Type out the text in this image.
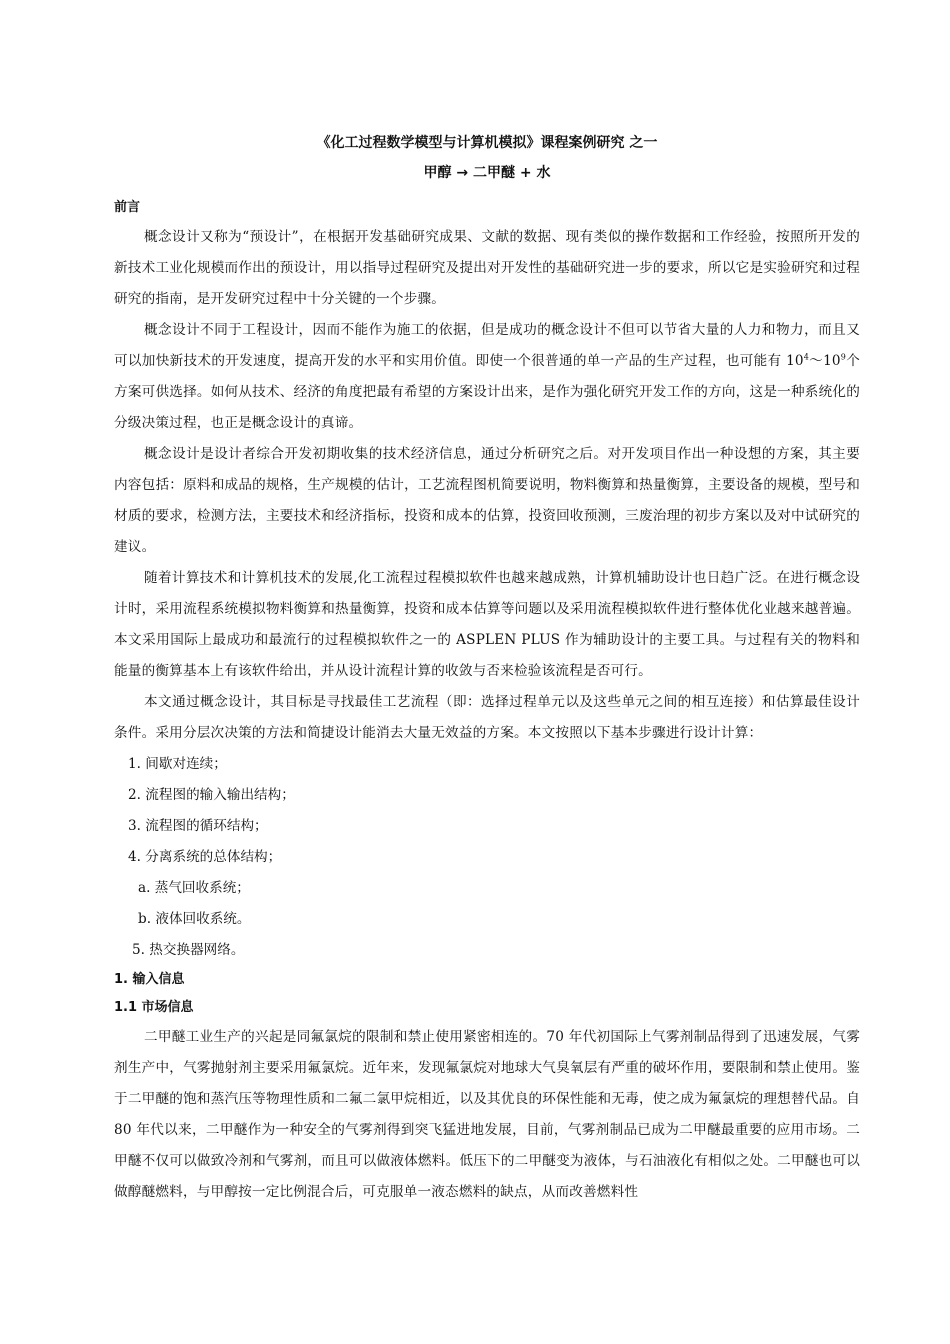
《化工过程数学模型与计算机模拟》课程案例研究 之一

甲醇 → 二甲醚 + 水

前言

概念设计又称为“预设计”，在根据开发基础研究成果、文献的数据、现有类似的操作数据和工作经验，按照所开发的新技术工业化规模而作出的预设计，用以指导过程研究及提出对开发性的基础研究进一步的要求，所以它是实验研究和过程研究的指南，是开发研究过程中十分关键的一个步骤。

概念设计不同于工程设计，因而不能作为施工的依据，但是成功的概念设计不但可以节省大量的人力和物力，而且又可以加快新技术的开发速度，提高开发的水平和实用价值。即使一个很普通的单一产品的生产过程，也可能有 $10^4\sim 10^9$个方案可供选择。如何从技术、经济的角度把最有希望的方案设计出来，是作为强化研究开发工作的方向，这是一种系统化的分级决策过程，也正是概念设计的真谛。

概念设计是设计者综合开发初期收集的技术经济信息，通过分析研究之后。对开发项目作出一种设想的方案，其主要内容包括：原料和成品的规格，生产规模的估计，工艺流程图机简要说明，物料衡算和热量衡算，主要设备的规模，型号和材质的要求，检测方法，主要技术和经济指标，投资和成本的估算，投资回收预测，三废治理的初步方案以及对中试研究的建议。

随着计算技术和计算机技术的发展,化工流程过程模拟软件也越来越成熟，计算机辅助设计也日趋广泛。在进行概念设计时，采用流程系统模拟物料衡算和热量衡算，投资和成本估算等问题以及采用流程模拟软件进行整体优化业越来越普遍。本文采用国际上最成功和最流行的过程模拟软件之一的 ASPLEN PLUS 作为辅助设计的主要工具。与过程有关的物料和能量的衡算基本上有该软件给出，并从设计流程计算的收敛与否来检验该流程是否可行。

本文通过概念设计，其目标是寻找最佳工艺流程（即：选择过程单元以及这些单元之间的相互连接）和估算最佳设计条件。采用分层次决策的方法和简捷设计能消去大量无效益的方案。本文按照以下基本步骤进行设计计算：

1. 间歇对连续；

2. 流程图的输入输出结构；

3. 流程图的循环结构；

4. 分离系统的总体结构；

a. 蒸气回收系统；

b. 液体回收系统。

5. 热交换器网络。

1. 输入信息

1.1 市场信息

二甲醚工业生产的兴起是同氟氯烷的限制和禁止使用紧密相连的。70 年代初国际上气雾剂制品得到了迅速发展，气雾剂生产中，气雾抛射剂主要采用氟氯烷。近年来，发现氟氯烷对地球大气臭氧层有严重的破坏作用，要限制和禁止使用。鉴于二甲醚的饱和蒸汽压等物理性质和二氟二氯甲烷相近，以及其优良的环保性能和无毒，使之成为氟氯烷的理想替代品。自 80 年代以来，二甲醚作为一种安全的气雾剂得到突飞猛进地发展，目前，气雾剂制品已成为二甲醚最重要的应用市场。二甲醚不仅可以做致冷剂和气雾剂，而且可以做液体燃料。低压下的二甲醚变为液体，与石油液化有相似之处。二甲醚也可以做醇醚燃料，与甲醇按一定比例混合后，可克服单一液态燃料的缺点，从而改善燃料性
